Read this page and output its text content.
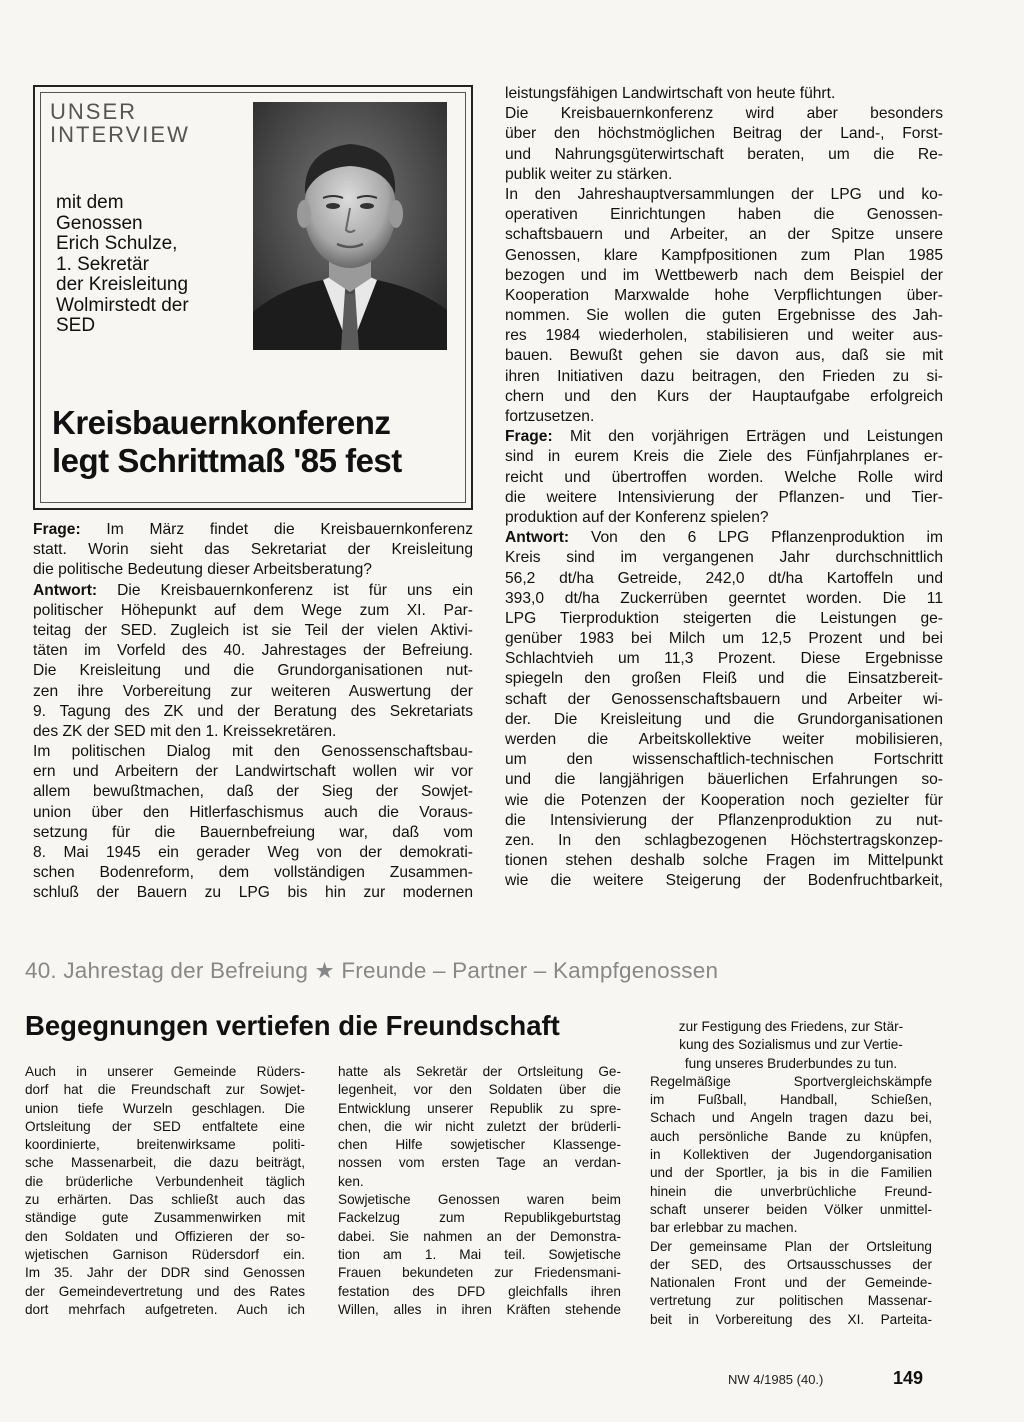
UNSER
INTERVIEW
mit dem
Genossen
Erich Schulze,
1. Sekretär
der Kreisleitung
Wolmirstedt der
SED
Kreisbauernkonferenz
legt Schrittmaß '85 fest
Frage: Im März findet die Kreisbauernkonferenz
statt. Worin sieht das Sekretariat der Kreisleitung
die politische Bedeutung dieser Arbeitsberatung?
Antwort: Die Kreisbauernkonferenz ist für uns ein
politischer Höhepunkt auf dem Wege zum XI. Par-
teitag der SED. Zugleich ist sie Teil der vielen Aktivi-
täten im Vorfeld des 40. Jahrestages der Befreiung.
Die Kreisleitung und die Grundorganisationen nut-
zen ihre Vorbereitung zur weiteren Auswertung der
9. Tagung des ZK und der Beratung des Sekretariats
des ZK der SED mit den 1. Kreissekretären.
Im politischen Dialog mit den Genossenschaftsbau-
ern und Arbeitern der Landwirtschaft wollen wir vor
allem bewußtmachen, daß der Sieg der Sowjet-
union über den Hitlerfaschismus auch die Voraus-
setzung für die Bauernbefreiung war, daß vom
8. Mai 1945 ein gerader Weg von der demokrati-
schen Bodenreform, dem vollständigen Zusammen-
schluß der Bauern zu LPG bis hin zur modernen
leistungsfähigen Landwirtschaft von heute führt.
Die Kreisbauernkonferenz wird aber besonders
über den höchstmöglichen Beitrag der Land-, Forst-
und Nahrungsgüterwirtschaft beraten, um die Re-
publik weiter zu stärken.
In den Jahreshauptversammlungen der LPG und ko-
operativen Einrichtungen haben die Genossen-
schaftsbauern und Arbeiter, an der Spitze unsere
Genossen, klare Kampfpositionen zum Plan 1985
bezogen und im Wettbewerb nach dem Beispiel der
Kooperation Marxwalde hohe Verpflichtungen über-
nommen. Sie wollen die guten Ergebnisse des Jah-
res 1984 wiederholen, stabilisieren und weiter aus-
bauen. Bewußt gehen sie davon aus, daß sie mit
ihren Initiativen dazu beitragen, den Frieden zu si-
chern und den Kurs der Hauptaufgabe erfolgreich
fortzusetzen.
Frage: Mit den vorjährigen Erträgen und Leistungen
sind in eurem Kreis die Ziele des Fünfjahrplanes er-
reicht und übertroffen worden. Welche Rolle wird
die weitere Intensivierung der Pflanzen- und Tier-
produktion auf der Konferenz spielen?
Antwort: Von den 6 LPG Pflanzenproduktion im
Kreis sind im vergangenen Jahr durchschnittlich
56,2 dt/ha Getreide, 242,0 dt/ha Kartoffeln und
393,0 dt/ha Zuckerrüben geerntet worden. Die 11
LPG Tierproduktion steigerten die Leistungen ge-
genüber 1983 bei Milch um 12,5 Prozent und bei
Schlachtvieh um 11,3 Prozent. Diese Ergebnisse
spiegeln den großen Fleiß und die Einsatzbereit-
schaft der Genossenschaftsbauern und Arbeiter wi-
der. Die Kreisleitung und die Grundorganisationen
werden die Arbeitskollektive weiter mobilisieren,
um den wissenschaftlich-technischen Fortschritt
und die langjährigen bäuerlichen Erfahrungen so-
wie die Potenzen der Kooperation noch gezielter für
die Intensivierung der Pflanzenproduktion zu nut-
zen. In den schlagbezogenen Höchstertragskonzep-
tionen stehen deshalb solche Fragen im Mittelpunkt
wie die weitere Steigerung der Bodenfruchtbarkeit,
40. Jahrestag der Befreiung ★ Freunde – Partner – Kampfgenossen
Begegnungen vertiefen die Freundschaft
Auch in unserer Gemeinde Rüders-
dorf hat die Freundschaft zur Sowjet-
union tiefe Wurzeln geschlagen. Die
Ortsleitung der SED entfaltete eine
koordinierte, breitenwirksame politi-
sche Massenarbeit, die dazu beiträgt,
die brüderliche Verbundenheit täglich
zu erhärten. Das schließt auch das
ständige gute Zusammenwirken mit
den Soldaten und Offizieren der so-
wjetischen Garnison Rüdersdorf ein.
Im 35. Jahr der DDR sind Genossen
der Gemeindevertretung und des Rates
dort mehrfach aufgetreten. Auch ich
hatte als Sekretär der Ortsleitung Ge-
legenheit, vor den Soldaten über die
Entwicklung unserer Republik zu spre-
chen, die wir nicht zuletzt der brüderli-
chen Hilfe sowjetischer Klassenge-
nossen vom ersten Tage an verdan-
ken.
Sowjetische Genossen waren beim
Fackelzug zum Republikgeburtstag
dabei. Sie nahmen an der Demonstra-
tion am 1. Mai teil. Sowjetische
Frauen bekundeten zur Friedensmani-
festation des DFD gleichfalls ihren
Willen, alles in ihren Kräften stehende
zur Festigung des Friedens, zur Stär-
kung des Sozialismus und zur Vertie-
fung unseres Bruderbundes zu tun.
Regelmäßige Sportvergleichskämpfe
im Fußball, Handball, Schießen,
Schach und Angeln tragen dazu bei,
auch persönliche Bande zu knüpfen,
in Kollektiven der Jugendorganisation
und der Sportler, ja bis in die Familien
hinein die unverbrüchliche Freund-
schaft unserer beiden Völker unmittel-
bar erlebbar zu machen.
Der gemeinsame Plan der Ortsleitung
der SED, des Ortsausschusses der
Nationalen Front und der Gemeinde-
vertretung zur politischen Massenar-
beit in Vorbereitung des XI. Parteita-
NW 4/1985 (40.)	149
